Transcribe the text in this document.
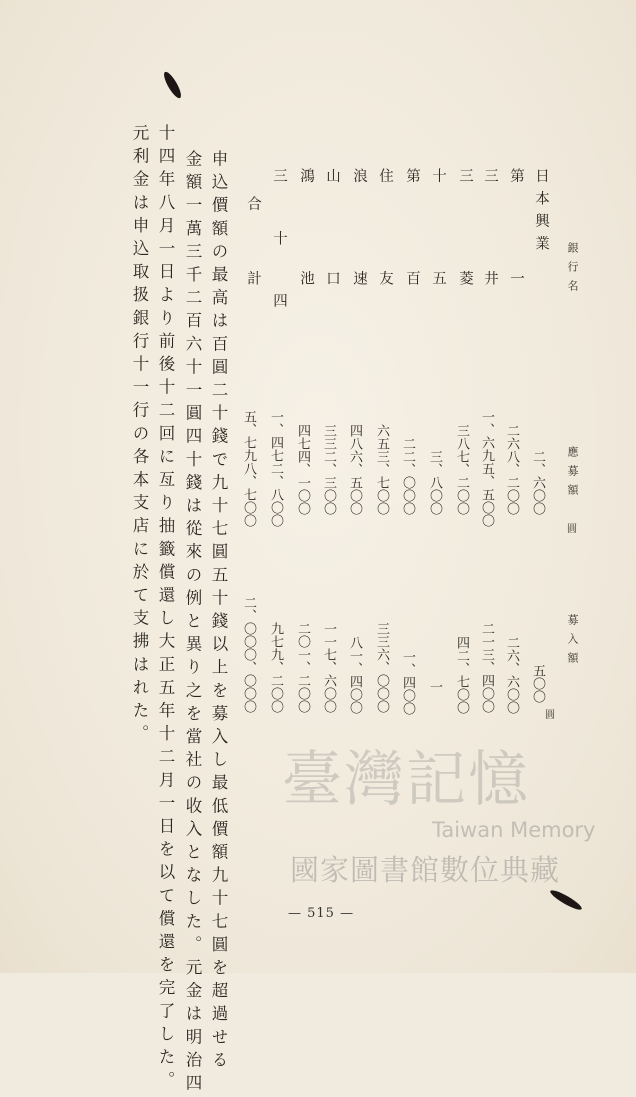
銀行名
應募額
圓
募入額
圓
日本興業
第一
三井
三菱
十五
第百
住友
浪速
山口
鴻池
三十四
合計
二、六〇〇
二六八、二〇〇
一、六九五、五〇〇
三八七、二〇〇
三、八〇〇
二二、〇〇〇
六五三、七〇〇
四八六、五〇〇
三三二、三〇〇
四七四、一〇〇
一、四七二、八〇〇
五、七九八、七〇〇
五〇〇
二六、六〇〇
二一三、四〇〇
四二、七〇〇
一
一、四〇〇
三三六、〇〇〇
八一、四〇〇
一一七、六〇〇
二〇一、二〇〇
九七九、二〇〇
二、〇〇〇、〇〇〇
申込價額の最高は百圓二十錢で九十七圓五十錢以上を募入し最低價額九十七圓を超過せる
金額一萬三千二百六十一圓四十錢は從來の例と異り之を當社の收入となした。元金は明治四
十四年八月一日より前後十二回に亙り抽籤償還し大正五年十二月一日を以て償還を完了した。
元利金は申込取扱銀行十一行の各本支店に於て支拂はれた。
— 515 —
臺灣記憶
Taiwan Memory
國家圖書館數位典藏
